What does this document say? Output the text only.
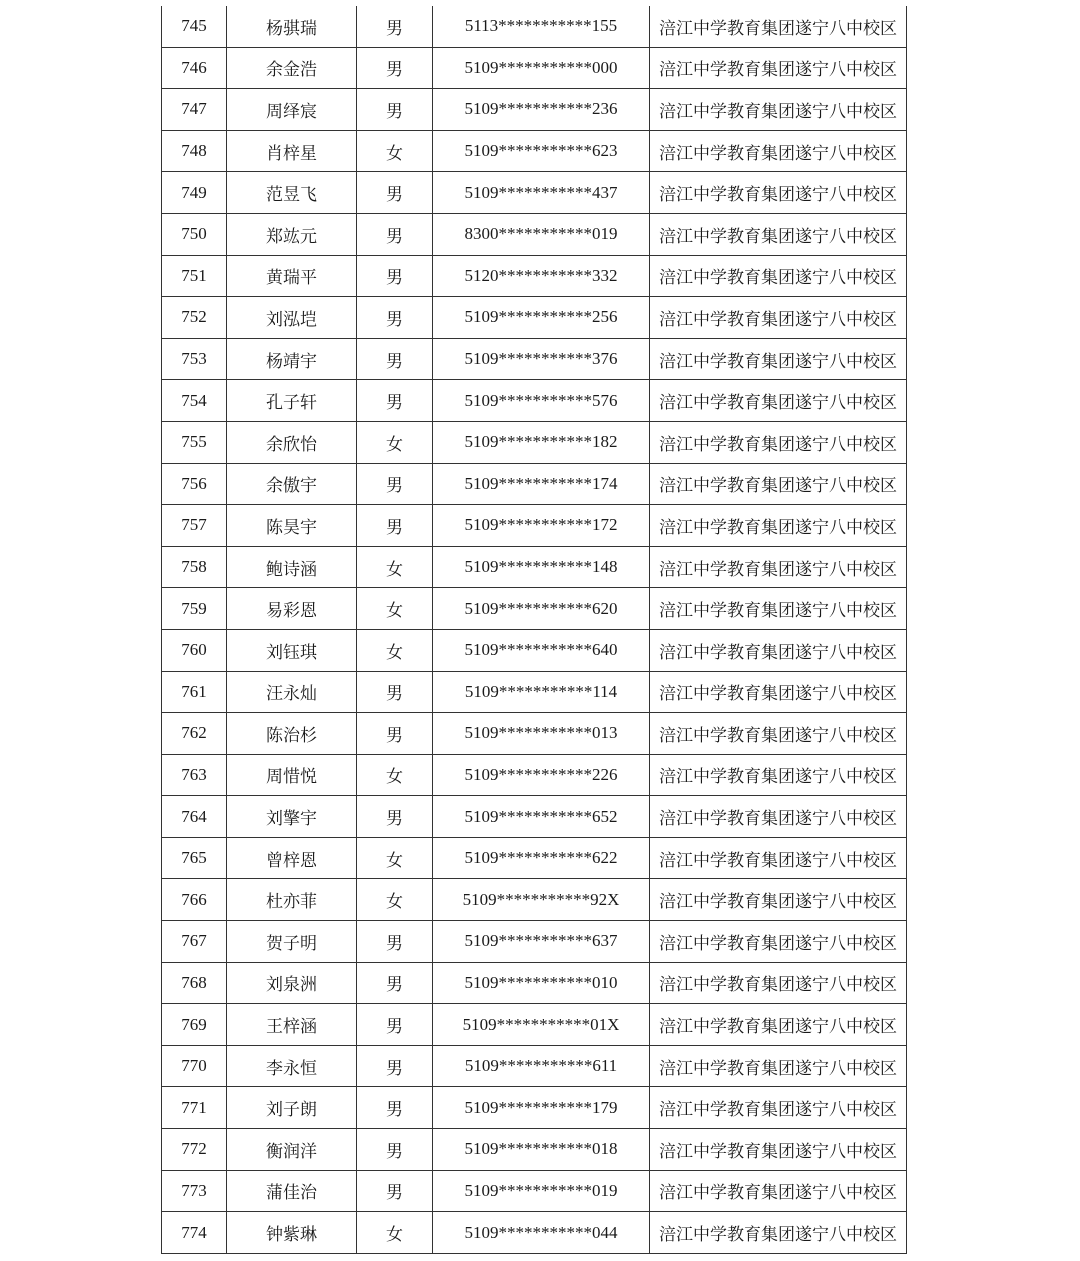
745	杨骐瑞	男	5113***********155	涪江中学教育集团遂宁八中校区
746	余金浩	男	5109***********000	涪江中学教育集团遂宁八中校区
747	周绎宸	男	5109***********236	涪江中学教育集团遂宁八中校区
748	肖梓星	女	5109***********623	涪江中学教育集团遂宁八中校区
749	范昱飞	男	5109***********437	涪江中学教育集团遂宁八中校区
750	郑竑元	男	8300***********019	涪江中学教育集团遂宁八中校区
751	黄瑞平	男	5120***********332	涪江中学教育集团遂宁八中校区
752	刘泓垲	男	5109***********256	涪江中学教育集团遂宁八中校区
753	杨靖宇	男	5109***********376	涪江中学教育集团遂宁八中校区
754	孔子轩	男	5109***********576	涪江中学教育集团遂宁八中校区
755	余欣怡	女	5109***********182	涪江中学教育集团遂宁八中校区
756	余傲宇	男	5109***********174	涪江中学教育集团遂宁八中校区
757	陈昊宇	男	5109***********172	涪江中学教育集团遂宁八中校区
758	鲍诗涵	女	5109***********148	涪江中学教育集团遂宁八中校区
759	易彩恩	女	5109***********620	涪江中学教育集团遂宁八中校区
760	刘钰琪	女	5109***********640	涪江中学教育集团遂宁八中校区
761	汪永灿	男	5109***********114	涪江中学教育集团遂宁八中校区
762	陈治杉	男	5109***********013	涪江中学教育集团遂宁八中校区
763	周惜悦	女	5109***********226	涪江中学教育集团遂宁八中校区
764	刘擎宇	男	5109***********652	涪江中学教育集团遂宁八中校区
765	曾梓恩	女	5109***********622	涪江中学教育集团遂宁八中校区
766	杜亦菲	女	5109***********92X	涪江中学教育集团遂宁八中校区
767	贺子明	男	5109***********637	涪江中学教育集团遂宁八中校区
768	刘泉洲	男	5109***********010	涪江中学教育集团遂宁八中校区
769	王梓涵	男	5109***********01X	涪江中学教育集团遂宁八中校区
770	李永恒	男	5109***********611	涪江中学教育集团遂宁八中校区
771	刘子朗	男	5109***********179	涪江中学教育集团遂宁八中校区
772	衡润洋	男	5109***********018	涪江中学教育集团遂宁八中校区
773	蒲佳治	男	5109***********019	涪江中学教育集团遂宁八中校区
774	钟紫琳	女	5109***********044	涪江中学教育集团遂宁八中校区
